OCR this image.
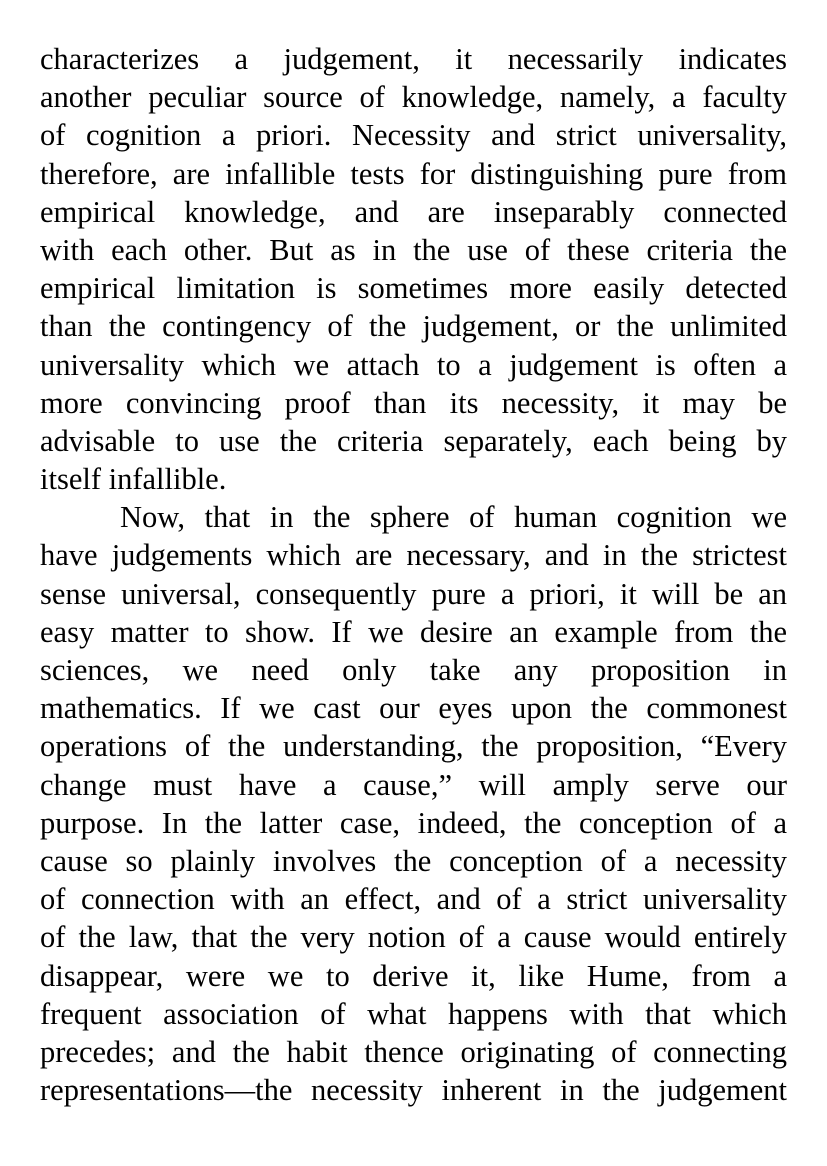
characterizes a judgement, it necessarily indicates
another peculiar source of knowledge, namely, a faculty
of cognition a priori. Necessity and strict universality,
therefore, are infallible tests for distinguishing pure from
empirical knowledge, and are inseparably connected
with each other. But as in the use of these criteria the
empirical limitation is sometimes more easily detected
than the contingency of the judgement, or the unlimited
universality which we attach to a judgement is often a
more convincing proof than its necessity, it may be
advisable to use the criteria separately, each being by
itself infallible.
Now, that in the sphere of human cognition we
have judgements which are necessary, and in the strictest
sense universal, consequently pure a priori, it will be an
easy matter to show. If we desire an example from the
sciences, we need only take any proposition in
mathematics. If we cast our eyes upon the commonest
operations of the understanding, the proposition, “Every
change must have a cause,” will amply serve our
purpose. In the latter case, indeed, the conception of a
cause so plainly involves the conception of a necessity
of connection with an effect, and of a strict universality
of the law, that the very notion of a cause would entirely
disappear, were we to derive it, like Hume, from a
frequent association of what happens with that which
precedes; and the habit thence originating of connecting
representations—the necessity inherent in the judgement
